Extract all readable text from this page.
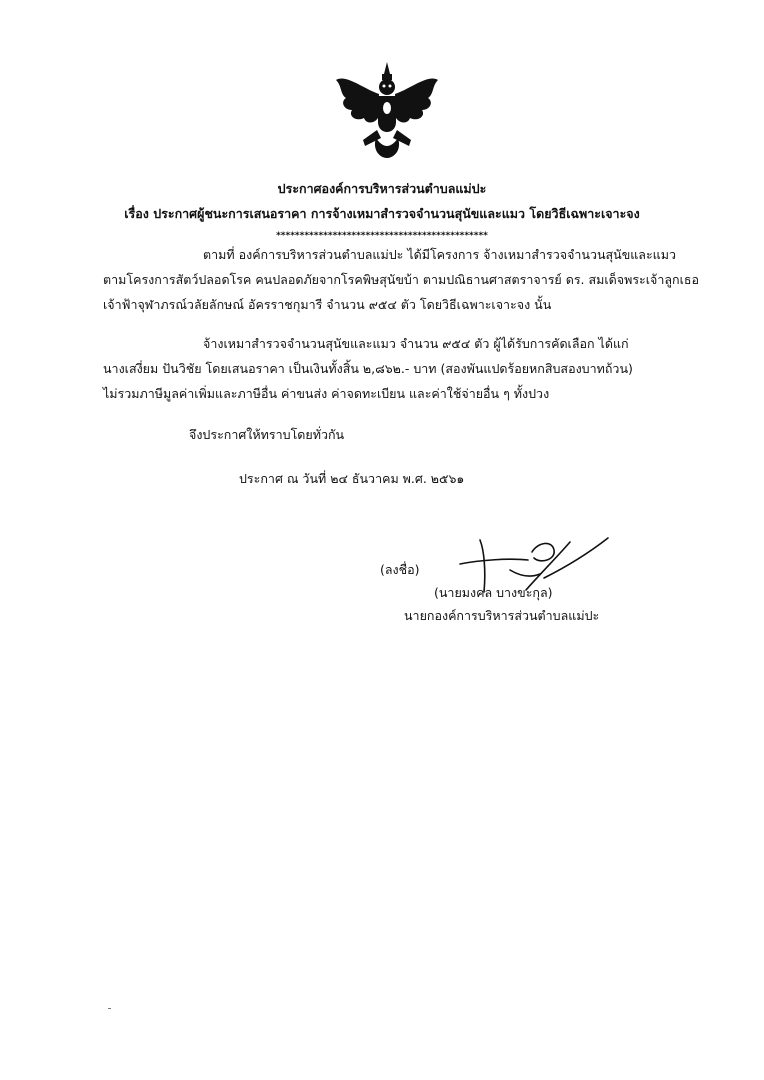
ประกาศองค์การบริหารส่วนตำบลแม่ปะ
เรื่อง ประกาศผู้ชนะการเสนอราคา การจ้างเหมาสำรวจจำนวนสุนัขและแมว โดยวิธีเฉพาะเจาะจง
*********************************************
ตามที่ องค์การบริหารส่วนตำบลแม่ปะ ได้มีโครงการ จ้างเหมาสำรวจจำนวนสุนัขและแมว
ตามโครงการสัตว์ปลอดโรค คนปลอดภัยจากโรคพิษสุนัขบ้า ตามปณิธานศาสตราจารย์ ดร. สมเด็จพระเจ้าลูกเธอ
เจ้าฟ้าจุฬาภรณ์วลัยลักษณ์ อัครราชกุมารี จำนวน ๙๕๔ ตัว โดยวิธีเฉพาะเจาะจง นั้น
จ้างเหมาสำรวจจำนวนสุนัขและแมว จำนวน ๙๕๔ ตัว ผู้ได้รับการคัดเลือก ได้แก่
นางเสงี่ยม ปันวิชัย โดยเสนอราคา เป็นเงินทั้งสิ้น ๒,๘๖๒.- บาท (สองพันแปดร้อยหกสิบสองบาทถ้วน)
ไม่รวมภาษีมูลค่าเพิ่มและภาษีอื่น ค่าขนส่ง ค่าจดทะเบียน และค่าใช้จ่ายอื่น ๆ ทั้งปวง
จึงประกาศให้ทราบโดยทั่วกัน
ประกาศ ณ วันที่ ๒๔ ธันวาคม พ.ศ. ๒๕๖๑
(ลงชื่อ)
(นายมงคล บางขะกุล)
นายกองค์การบริหารส่วนตำบลแม่ปะ
